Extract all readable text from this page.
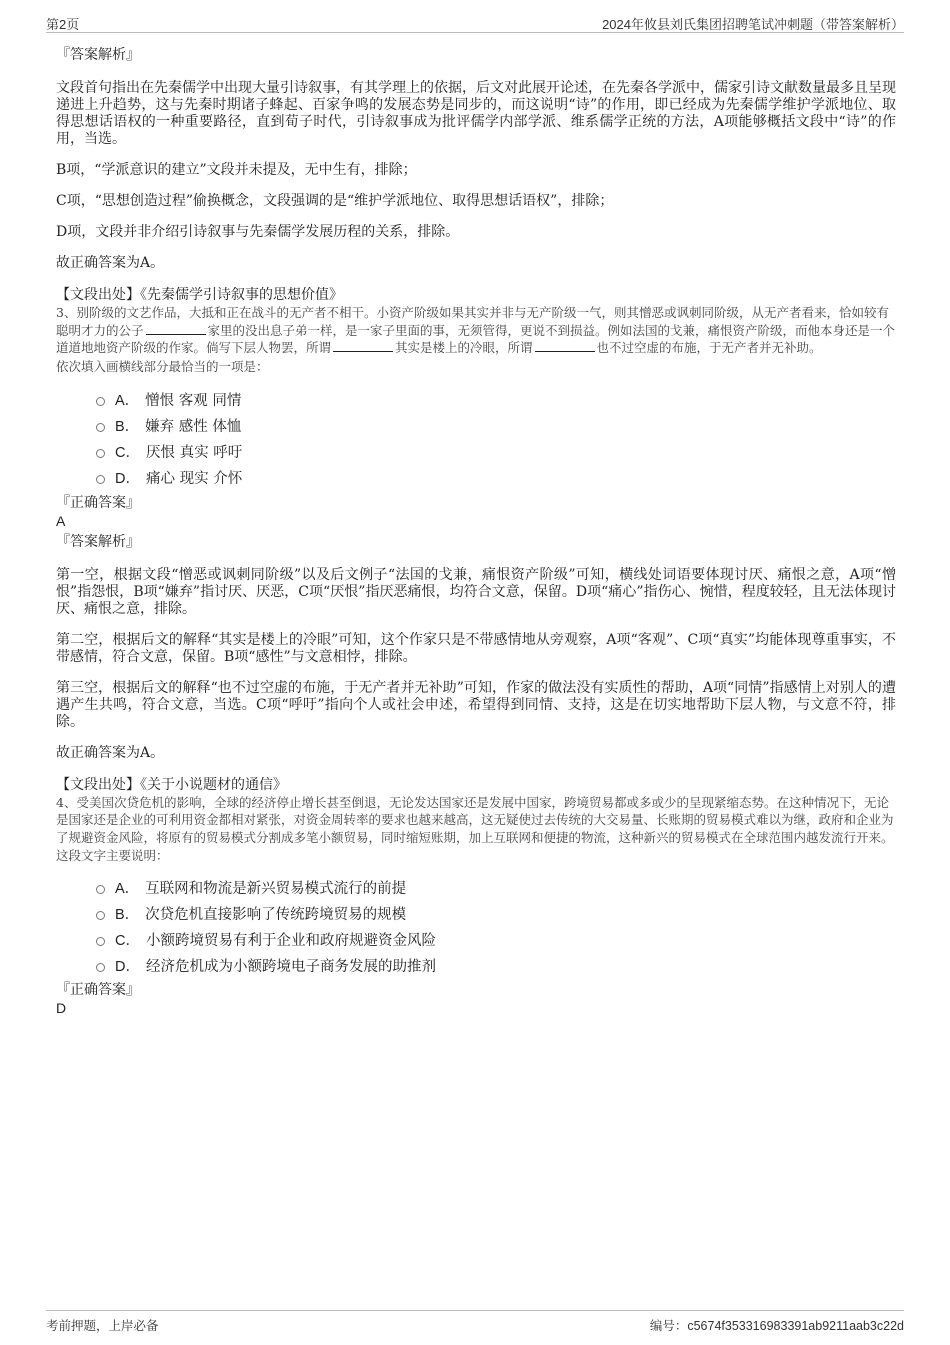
第2页	2024年攸县刘氏集团招聘笔试冲刺题（带答案解析）
『答案解析』

文段首句指出在先秦儒学中出现大量引诗叙事，有其学理上的依据，后文对此展开论述，在先秦各学派中，儒家引诗文献数量最多且呈现递进上升趋势，这与先秦时期诸子蜂起、百家争鸣的发展态势是同步的，而这说明“诗”的作用，即已经成为先秦儒学维护学派地位、取得思想话语权的一种重要路径，直到荀子时代，引诗叙事成为批评儒学内部学派、维系儒学正统的方法，A项能够概括文段中“诗”的作用，当选。

B项，“学派意识的建立”文段并未提及，无中生有，排除；

C项，“思想创造过程”偷换概念，文段强调的是“维护学派地位、取得思想话语权”，排除；

D项，文段并非介绍引诗叙事与先秦儒学发展历程的关系，排除。

故正确答案为A。

【文段出处】《先秦儒学引诗叙事的思想价值》

3、别阶级的文艺作品，大抵和正在战斗的无产者不相干。小资产阶级如果其实并非与无产阶级一气，则其憎恶或讽刺同阶级，从无产者看来，恰如较有聪明才力的公子	家里的没出息子弟一样，是一家子里面的事，无须管得，更说不到损益。例如法国的戈兼，痛恨资产阶级，而他本身还是一个道道地地资产阶级的作家。倘写下层人物罢，所谓	其实是楼上的冷眼，所谓	也不过空虚的布施，于无产者并无补助。

依次填入画横线部分最恰当的一项是：

A． 憎恨 客观 同情
B． 嫌弃 感性 体恤
C． 厌恨 真实 呼吁
D． 痛心 现实 介怀
『正确答案』
A
『答案解析』

第一空，根据文段“憎恶或讽刺同阶级”以及后文例子“法国的戈兼，痛恨资产阶级”可知，横线处词语要体现讨厌、痛恨之意，A项“憎恨”指怨恨，B项“嫌弃”指讨厌、厌恶，C项“厌恨”指厌恶痛恨，均符合文意，保留。D项“痛心”指伤心、惋惜，程度较轻，且无法体现讨厌、痛恨之意，排除。

第二空，根据后文的解释“其实是楼上的冷眼”可知，这个作家只是不带感情地从旁观察，A项“客观”、C项“真实”均能体现尊重事实，不带感情，符合文意，保留。B项“感性”与文意相悖，排除。

第三空，根据后文的解释“也不过空虚的布施，于无产者并无补助”可知，作家的做法没有实质性的帮助，A项“同情”指感情上对别人的遭遇产生共鸣，符合文意，当选。C项“呼吁”指向个人或社会申述，希望得到同情、支持，这是在切实地帮助下层人物，与文意不符，排除。

故正确答案为A。

【文段出处】《关于小说题材的通信》

4、受美国次贷危机的影响，全球的经济停止增长甚至倒退，无论发达国家还是发展中国家，跨境贸易都或多或少的呈现紧缩态势。在这种情况下，无论是国家还是企业的可利用资金都相对紧张，对资金周转率的要求也越来越高，这无疑使过去传统的大交易量、长账期的贸易模式难以为继，政府和企业为了规避资金风险，将原有的贸易模式分割成多笔小额贸易，同时缩短账期，加上互联网和便捷的物流，这种新兴的贸易模式在全球范围内越发流行开来。

这段文字主要说明：

A． 互联网和物流是新兴贸易模式流行的前提
B． 次贷危机直接影响了传统跨境贸易的规模
C． 小额跨境贸易有利于企业和政府规避资金风险
D． 经济危机成为小额跨境电子商务发展的助推剂
『正确答案』
D
考前押题，上岸必备	编号：c5674f353316983391ab9211aab3c22d
